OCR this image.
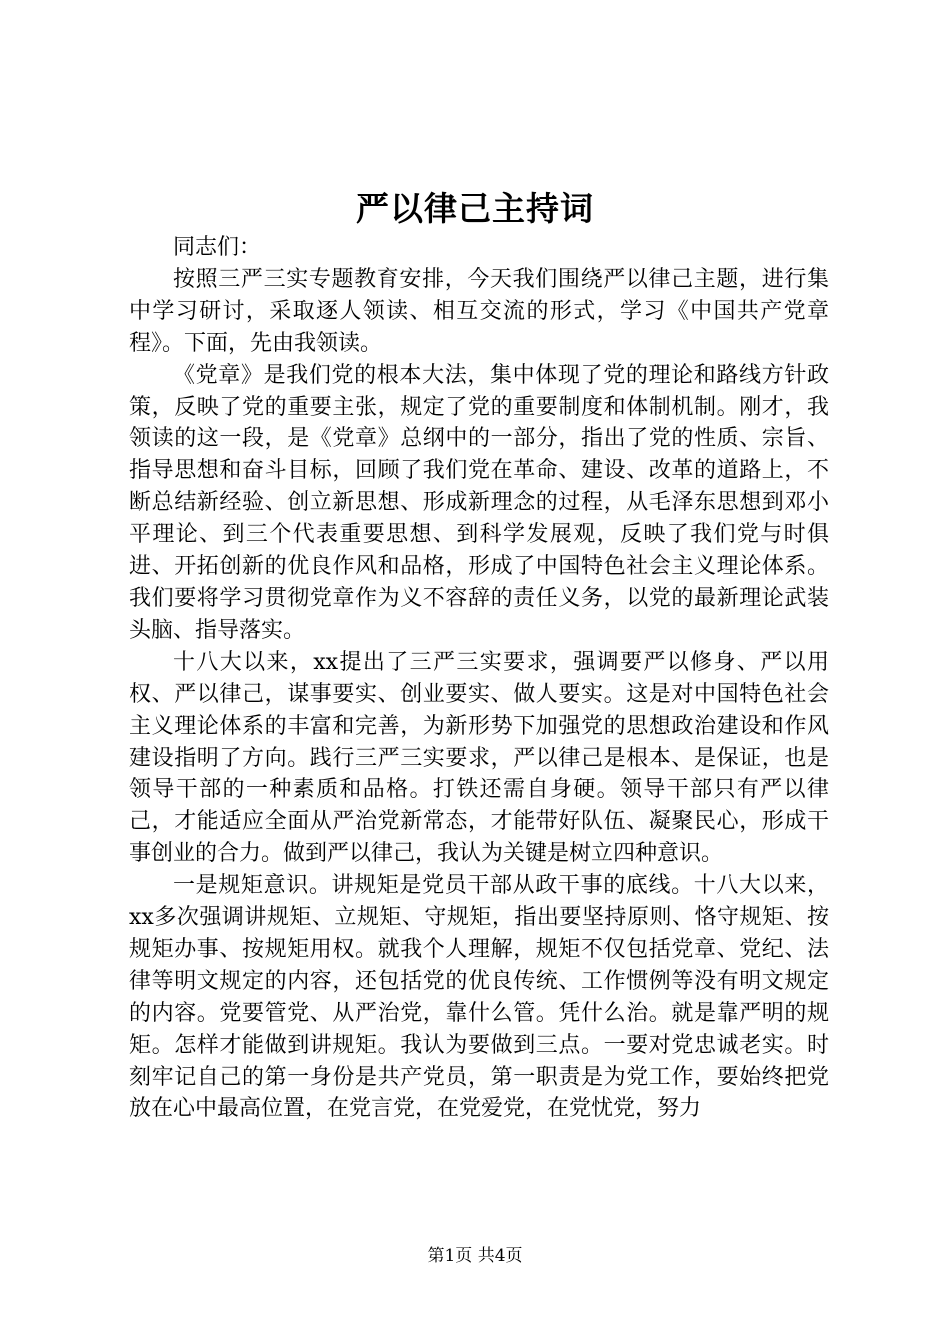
严以律己主持词

同志们：

按照三严三实专题教育安排，今天我们围绕严以律己主题，进行集中学习研讨，采取逐人领读、相互交流的形式，学习《中国共产党章程》。下面，先由我领读。

《党章》是我们党的根本大法，集中体现了党的理论和路线方针政策，反映了党的重要主张，规定了党的重要制度和体制机制。刚才，我领读的这一段，是《党章》总纲中的一部分，指出了党的性质、宗旨、指导思想和奋斗目标，回顾了我们党在革命、建设、改革的道路上，不断总结新经验、创立新思想、形成新理念的过程，从毛泽东思想到邓小平理论、到三个代表重要思想、到科学发展观，反映了我们党与时俱进、开拓创新的优良作风和品格，形成了中国特色社会主义理论体系。我们要将学习贯彻党章作为义不容辞的责任义务，以党的最新理论武装头脑、指导落实。

十八大以来，xx提出了三严三实要求，强调要严以修身、严以用权、严以律己，谋事要实、创业要实、做人要实。这是对中国特色社会主义理论体系的丰富和完善，为新形势下加强党的思想政治建设和作风建设指明了方向。践行三严三实要求，严以律己是根本、是保证，也是领导干部的一种素质和品格。打铁还需自身硬。领导干部只有严以律己，才能适应全面从严治党新常态，才能带好队伍、凝聚民心，形成干事创业的合力。做到严以律己，我认为关键是树立四种意识。

一是规矩意识。讲规矩是党员干部从政干事的底线。十八大以来，xx多次强调讲规矩、立规矩、守规矩，指出要坚持原则、恪守规矩、按规矩办事、按规矩用权。就我个人理解，规矩不仅包括党章、党纪、法律等明文规定的内容，还包括党的优良传统、工作惯例等没有明文规定的内容。党要管党、从严治党，靠什么管。凭什么治。就是靠严明的规矩。怎样才能做到讲规矩。我认为要做到三点。一要对党忠诚老实。时刻牢记自己的第一身份是共产党员，第一职责是为党工作，要始终把党放在心中最高位置，在党言党，在党爱党，在党忧党，努力

第1页 共4页
